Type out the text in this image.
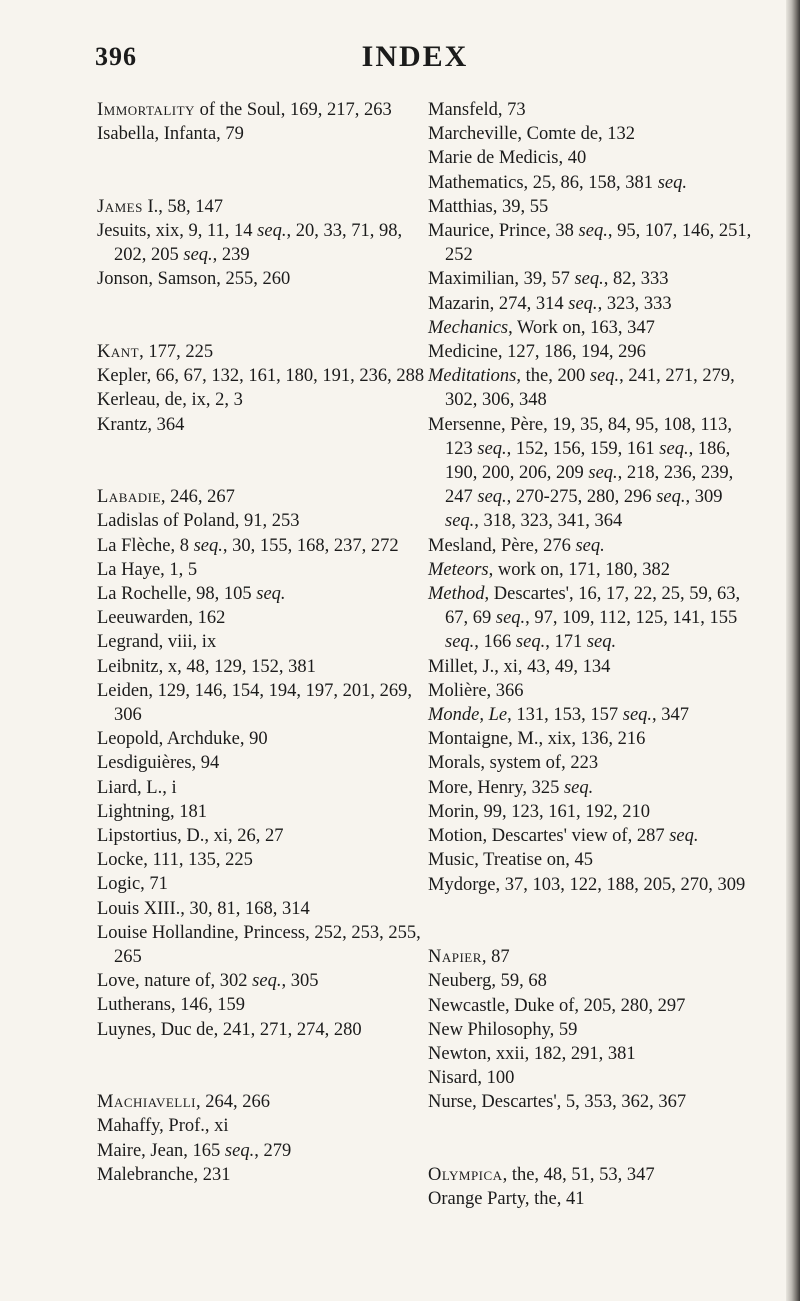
396	INDEX
Immortality of the Soul, 169, 217, 263
Isabella, Infanta, 79
James I., 58, 147
Jesuits, xix, 9, 11, 14 seq., 20, 33, 71, 98, 202, 205 seq., 239
Jonson, Samson, 255, 260
Kant, 177, 225
Kepler, 66, 67, 132, 161, 180, 191, 236, 288
Kerleau, de, ix, 2, 3
Krantz, 364
Labadie, 246, 267
Ladislas of Poland, 91, 253
La Flèche, 8 seq., 30, 155, 168, 237, 272
La Haye, 1, 5
La Rochelle, 98, 105 seq.
Leeuwarden, 162
Legrand, viii, ix
Leibnitz, x, 48, 129, 152, 381
Leiden, 129, 146, 154, 194, 197, 201, 269, 306
Leopold, Archduke, 90
Lesdiguières, 94
Liard, L., i
Lightning, 181
Lipstortius, D., xi, 26, 27
Locke, 111, 135, 225
Logic, 71
Louis XIII., 30, 81, 168, 314
Louise Hollandine, Princess, 252, 253, 255, 265
Love, nature of, 302 seq., 305
Lutherans, 146, 159
Luynes, Duc de, 241, 271, 274, 280
Machiavelli, 264, 266
Mahaffy, Prof., xi
Maire, Jean, 165 seq., 279
Malebranche, 231
Mansfeld, 73
Marcheville, Comte de, 132
Marie de Medicis, 40
Mathematics, 25, 86, 158, 381 seq.
Matthias, 39, 55
Maurice, Prince, 38 seq., 95, 107, 146, 251, 252
Maximilian, 39, 57 seq., 82, 333
Mazarin, 274, 314 seq., 323, 333
Mechanics, Work on, 163, 347
Medicine, 127, 186, 194, 296
Meditations, the, 200 seq., 241, 271, 279, 302, 306, 348
Mersenne, Père, 19, 35, 84, 95, 108, 113, 123 seq., 152, 156, 159, 161 seq., 186, 190, 200, 206, 209 seq., 218, 236, 239, 247 seq., 270-275, 280, 296 seq., 309 seq., 318, 323, 341, 364
Mesland, Père, 276 seq.
Meteors, work on, 171, 180, 382
Method, Descartes', 16, 17, 22, 25, 59, 63, 67, 69 seq., 97, 109, 112, 125, 141, 155 seq., 166 seq., 171 seq.
Millet, J., xi, 43, 49, 134
Molière, 366
Monde, Le, 131, 153, 157 seq., 347
Montaigne, M., xix, 136, 216
Morals, system of, 223
More, Henry, 325 seq.
Morin, 99, 123, 161, 192, 210
Motion, Descartes' view of, 287 seq.
Music, Treatise on, 45
Mydorge, 37, 103, 122, 188, 205, 270, 309
Napier, 87
Neuberg, 59, 68
Newcastle, Duke of, 205, 280, 297
New Philosophy, 59
Newton, xxii, 182, 291, 381
Nisard, 100
Nurse, Descartes', 5, 353, 362, 367
Olympica, the, 48, 51, 53, 347
Orange Party, the, 41
